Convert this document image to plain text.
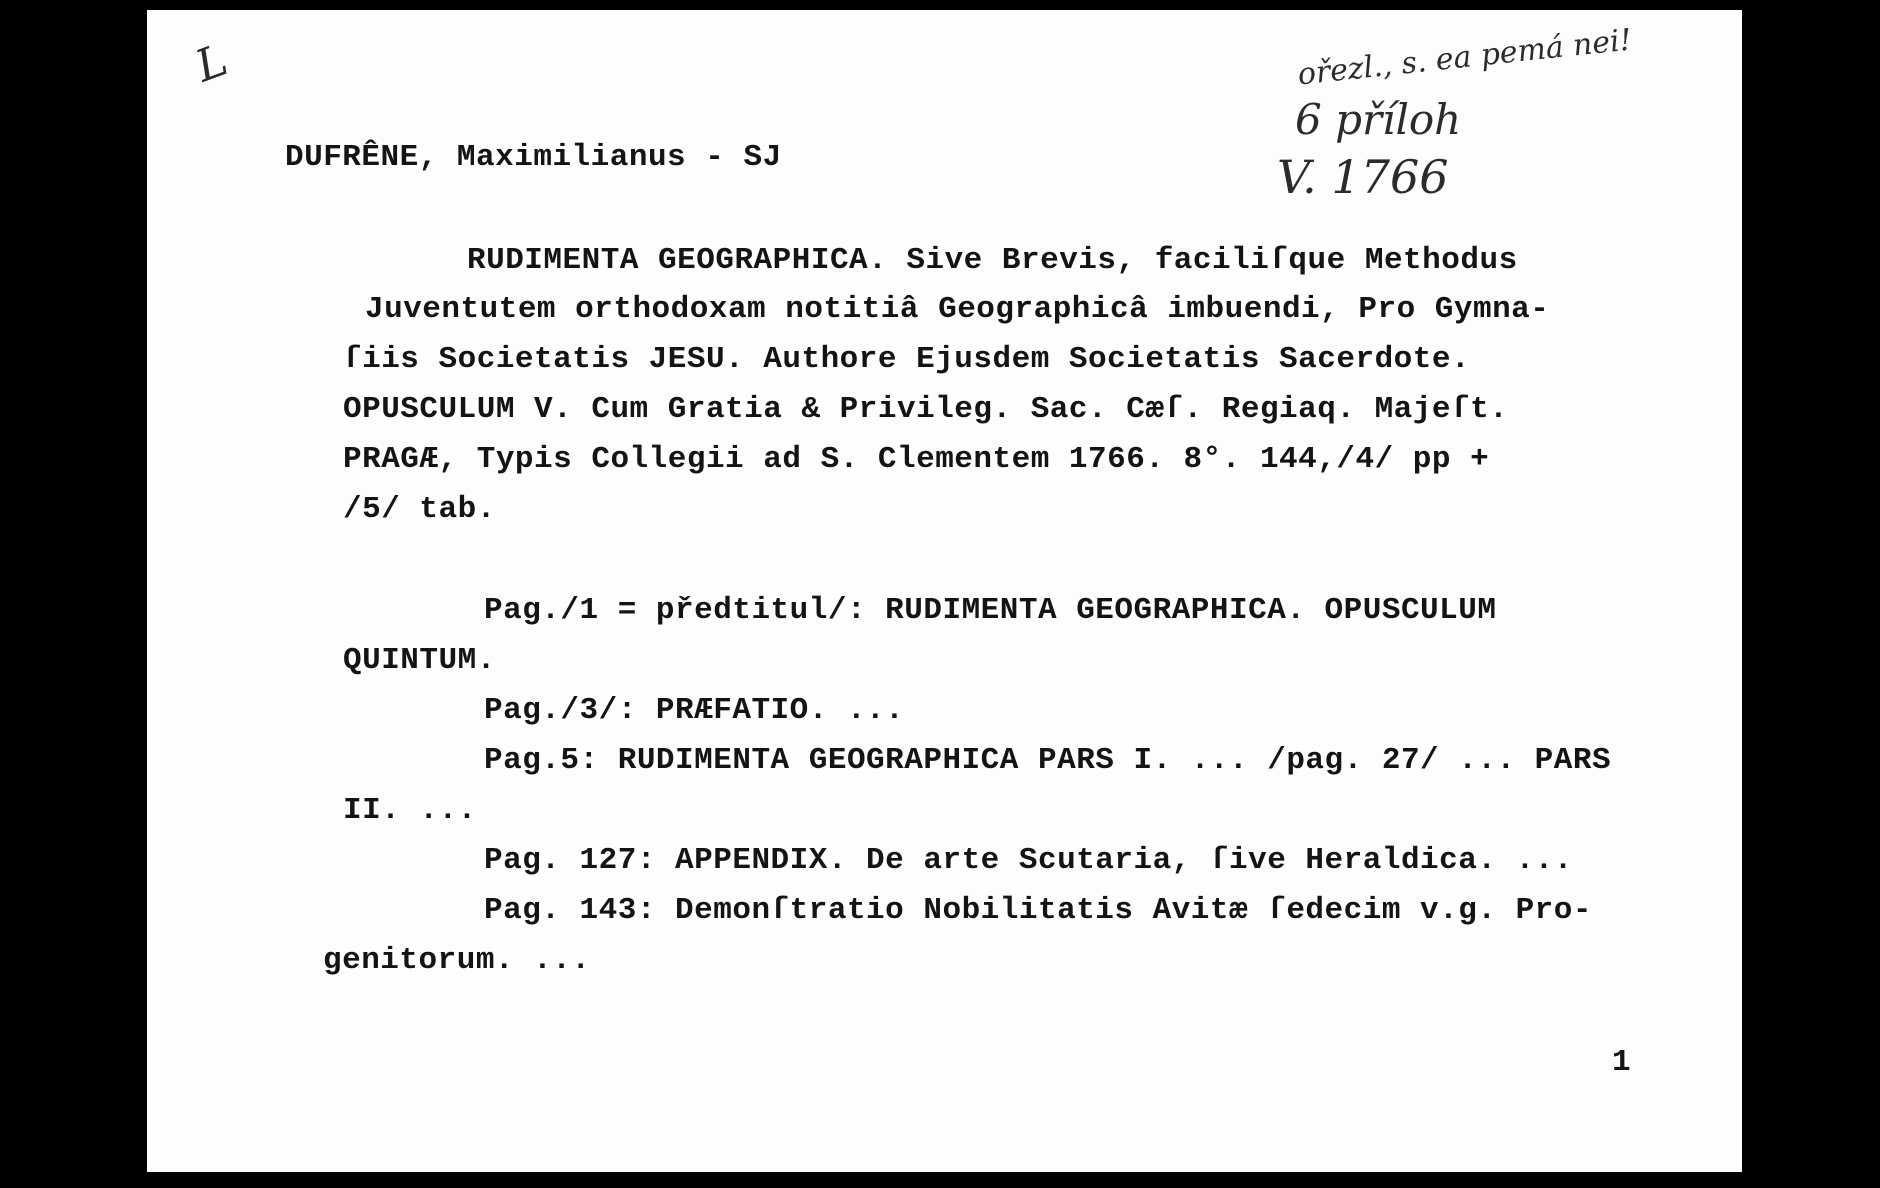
L	ořezl., s. ea pemá nei!
6 příloh
V. 1766
DUFRÊNE, Maximilianus - SJ
RUDIMENTA GEOGRAPHICA. Sive Brevis, faciliſque Methodus
Juventutem orthodoxam notitiâ Geographicâ imbuendi, Pro Gymna-
ſiis Societatis JESU. Authore Ejusdem Societatis Sacerdote.
OPUSCULUM V. Cum Gratia & Privileg. Sac. Cæſ. Regiaq. Majeſt.
PRAGÆ, Typis Collegii ad S. Clementem 1766. 8°. 144,/4/ pp +
/5/ tab.
Pag./1 = předtitul/: RUDIMENTA GEOGRAPHICA. OPUSCULUM
QUINTUM.
Pag./3/: PRÆFATIO. ...
Pag.5: RUDIMENTA GEOGRAPHICA PARS I. ... /pag. 27/ ... PARS
II. ...
Pag. 127: APPENDIX. De arte Scutaria, ſive Heraldica. ...
Pag. 143: Demonſtratio Nobilitatis Avitæ ſedecim v.g. Pro-
genitorum. ...
1
